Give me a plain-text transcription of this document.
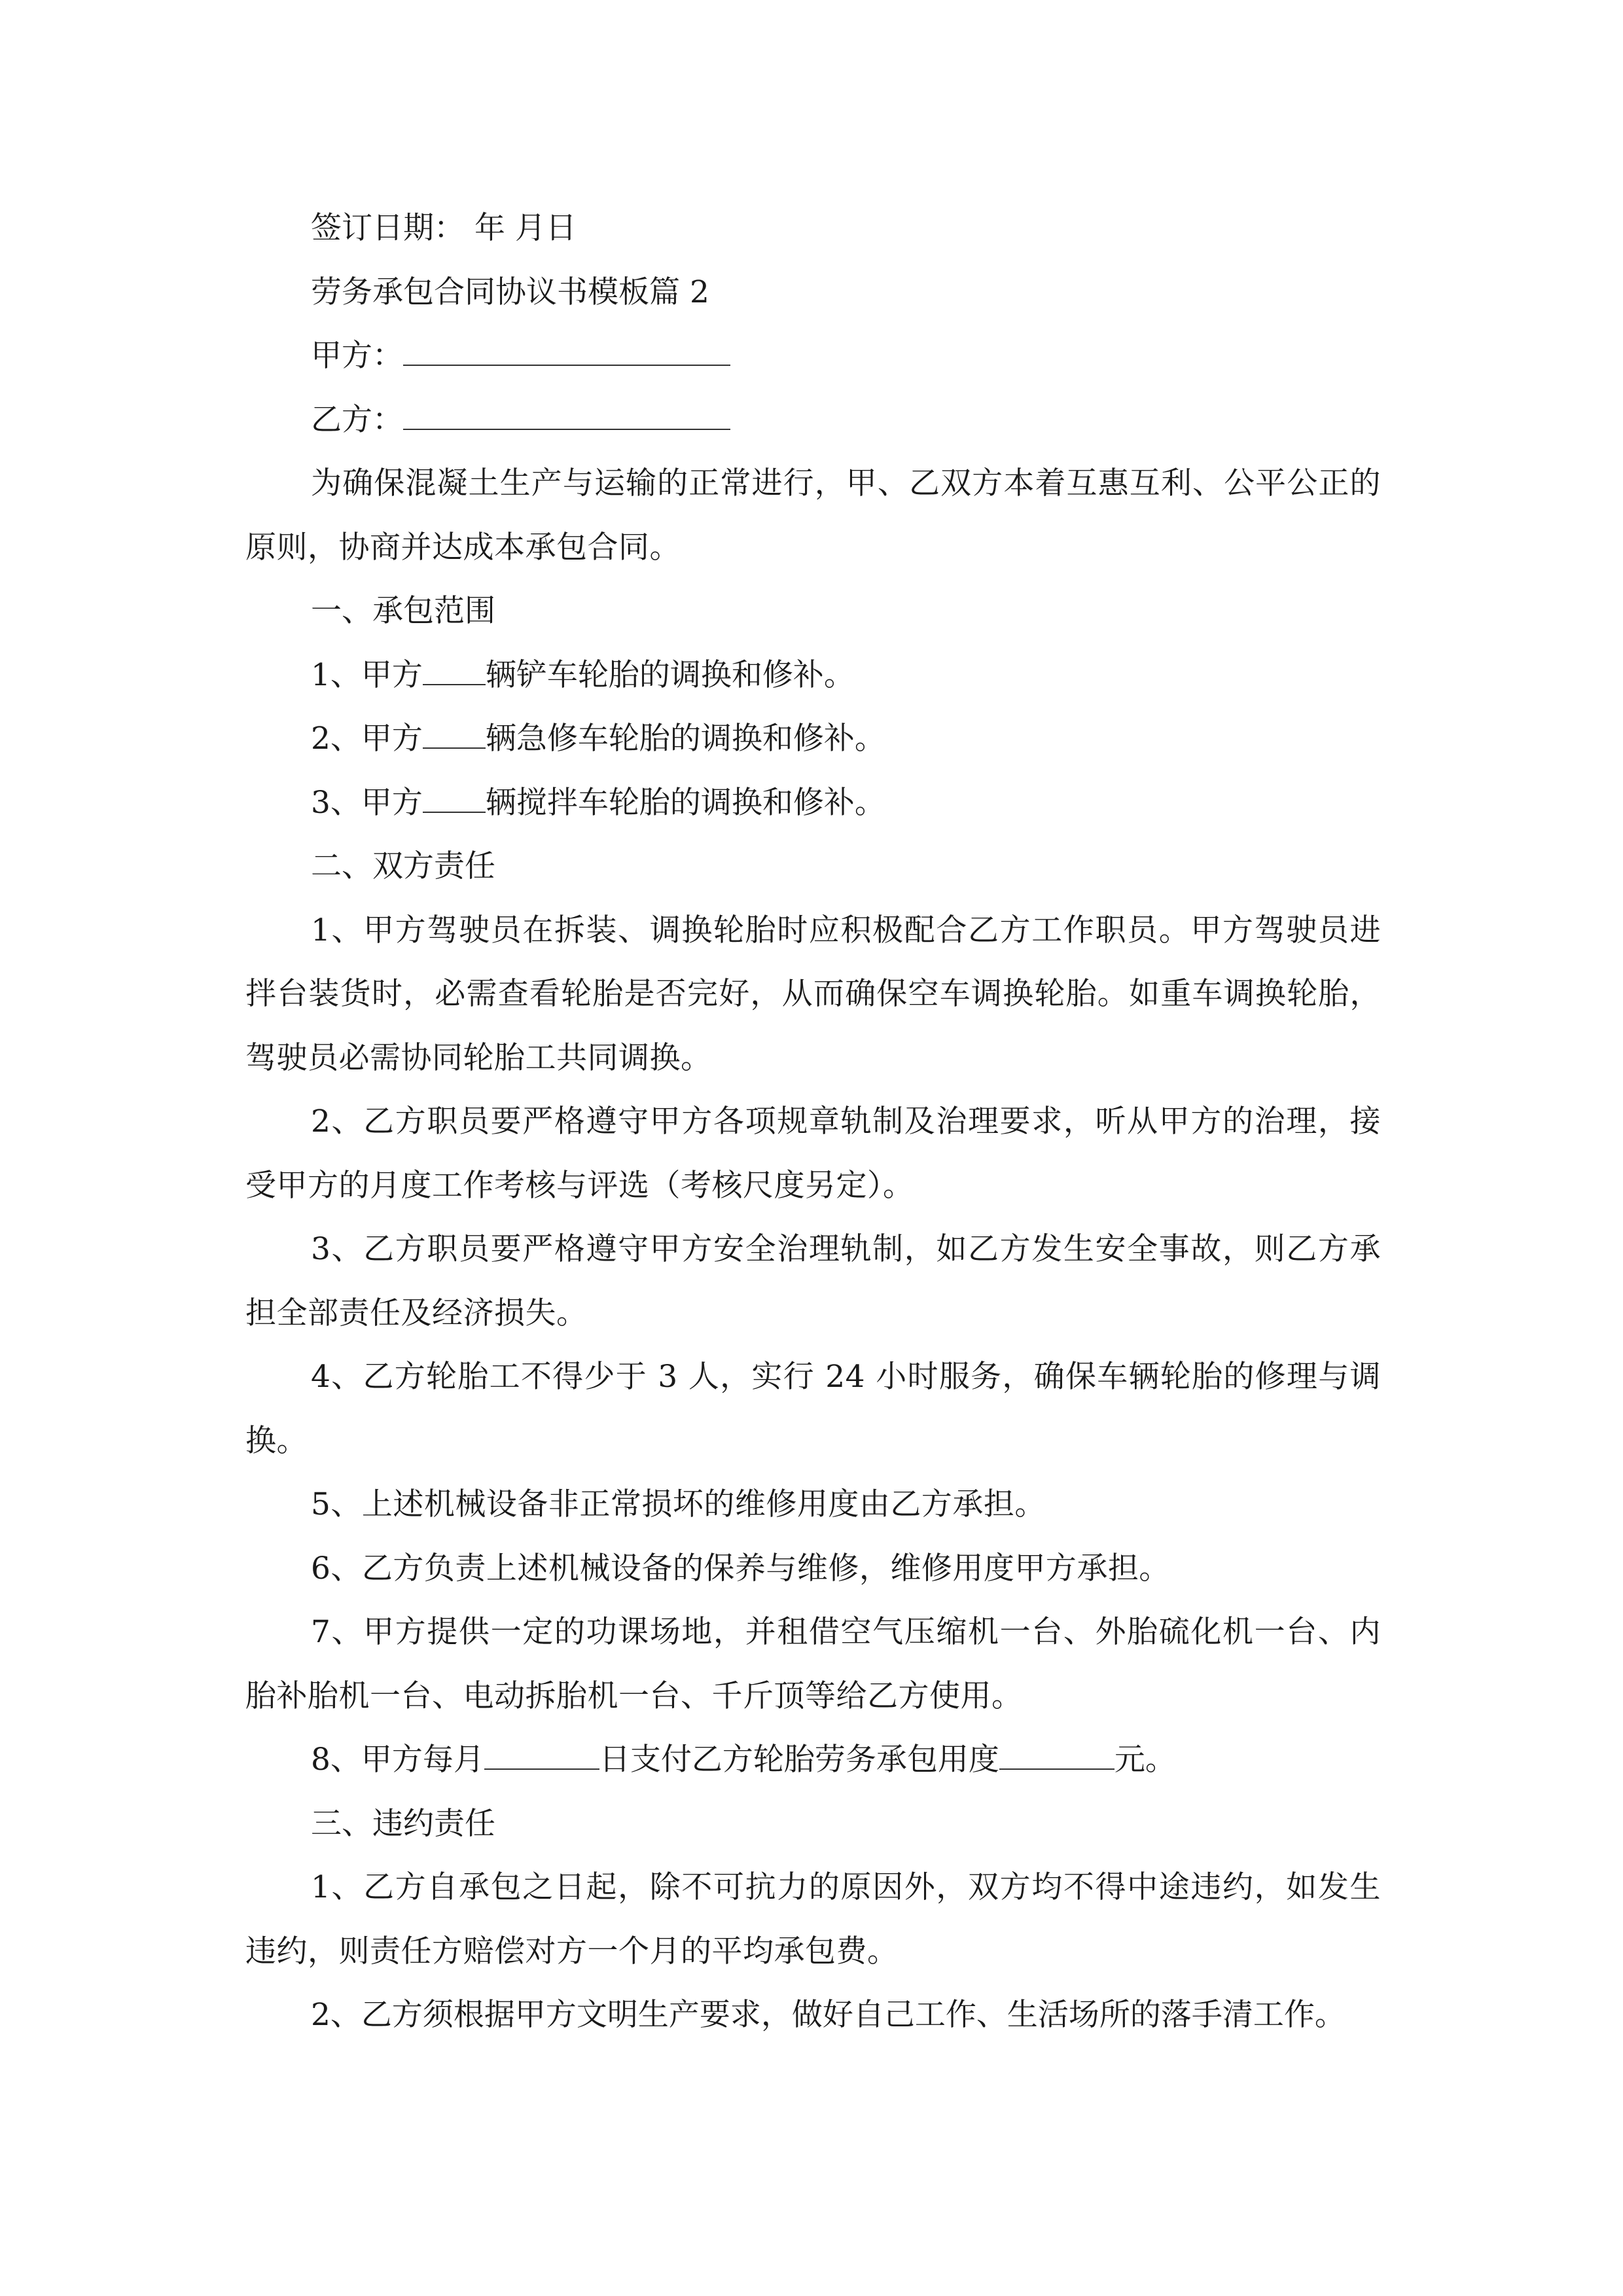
签订日期： 年 月日

劳务承包合同协议书模板篇 2

甲方：

乙方：

为确保混凝土生产与运输的正常进行，甲、乙双方本着互惠互利、公平公正的原则，协商并达成本承包合同。

一、承包范围

1、甲方 辆铲车轮胎的调换和修补。

2、甲方 辆急修车轮胎的调换和修补。

3、甲方 辆搅拌车轮胎的调换和修补。

二、双方责任

1、甲方驾驶员在拆装、调换轮胎时应积极配合乙方工作职员。甲方驾驶员进拌台装货时，必需查看轮胎是否完好，从而确保空车调换轮胎。如重车调换轮胎，驾驶员必需协同轮胎工共同调换。

2、乙方职员要严格遵守甲方各项规章轨制及治理要求，听从甲方的治理，接受甲方的月度工作考核与评选（考核尺度另定）。

3、乙方职员要严格遵守甲方安全治理轨制，如乙方发生安全事故，则乙方承担全部责任及经济损失。

4、乙方轮胎工不得少于 3 人，实行 24 小时服务，确保车辆轮胎的修理与调换。

5、上述机械设备非正常损坏的维修用度由乙方承担。

6、乙方负责上述机械设备的保养与维修，维修用度甲方承担。

7、甲方提供一定的功课场地，并租借空气压缩机一台、外胎硫化机一台、内胎补胎机一台、电动拆胎机一台、千斤顶等给乙方使用。

8、甲方每月	日支付乙方轮胎劳务承包用度	元。

三、违约责任

1、乙方自承包之日起，除不可抗力的原因外，双方均不得中途违约，如发生违约，则责任方赔偿对方一个月的平均承包费。

2、乙方须根据甲方文明生产要求，做好自己工作、生活场所的落手清工作。
